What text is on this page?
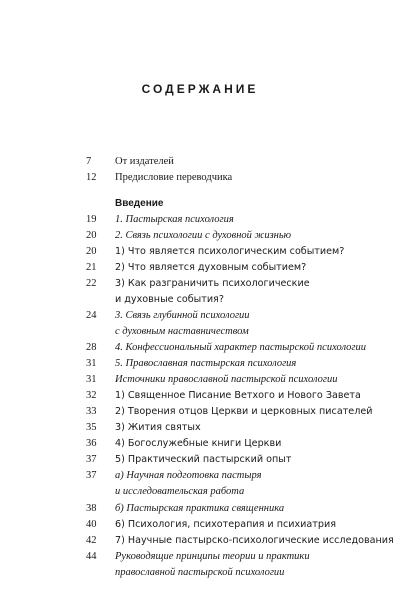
СОДЕРЖАНИЕ
7 От издателей
12 Предисловие переводчика
Введение
19 1. Пастырская психология
20 2. Связь психологии с духовной жизнью
20 1) Что является психологическим событием?
21 2) Что является духовным событием?
22 3) Как разграничить психологические
и духовные события?
24 3. Связь глубинной психологии
с духовным наставничеством
28 4. Конфессиональный характер пастырской психологии
31 5. Православная пастырская психология
31 Источники православной пастырской психологии
32 1) Священное Писание Ветхого и Нового Завета
33 2) Творения отцов Церкви и церковных писателей
35 3) Жития святых
36 4) Богослужебные книги Церкви
37 5) Практический пастырский опыт
37 а) Научная подготовка пастыря
и исследовательская работа
38 б) Пастырская практика священника
40 6) Психология, психотерапия и психиатрия
42 7) Научные пастырско-психологические исследования
44 Руководящие принципы теории и практики
православной пастырской психологии
